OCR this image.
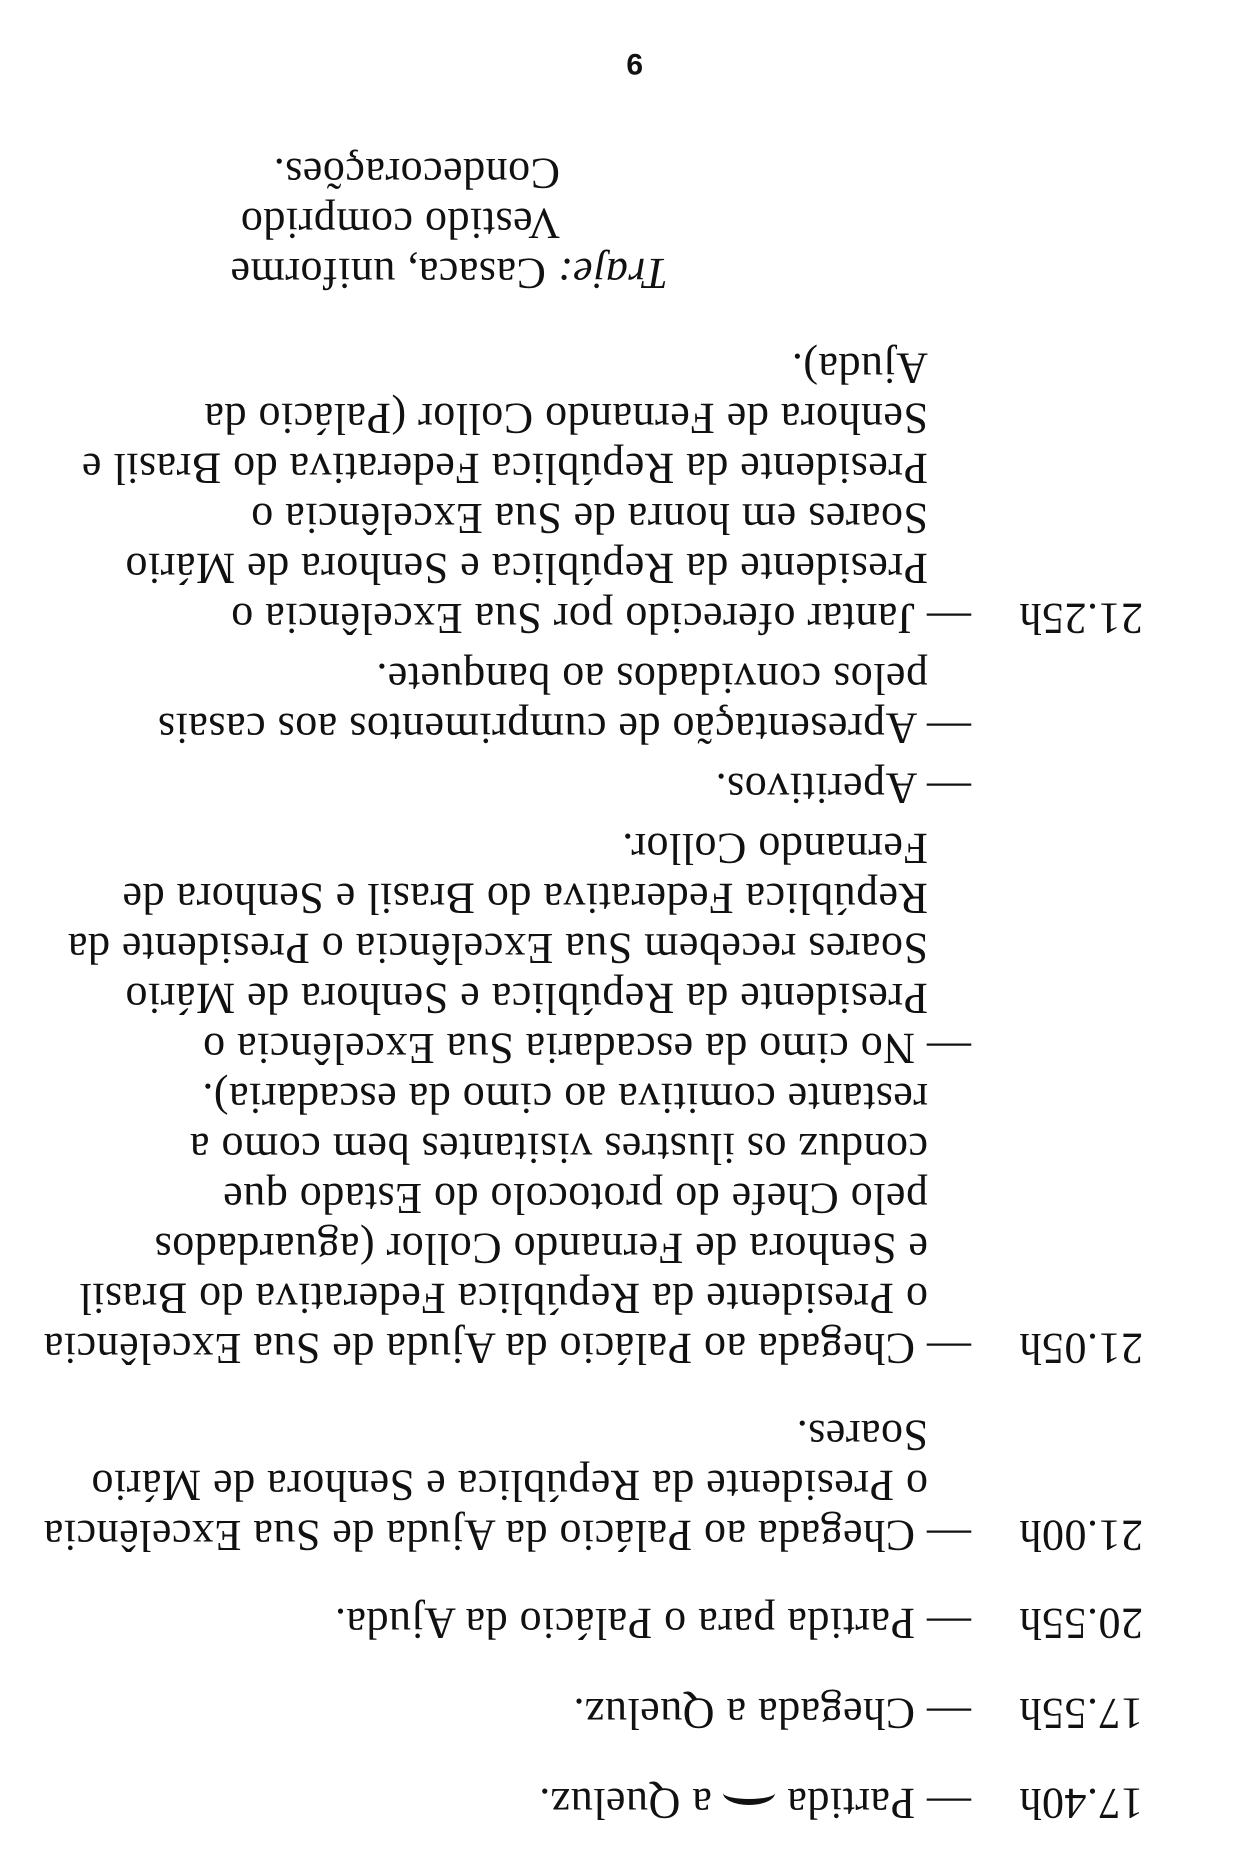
17.40h
— Partida  a Queluz.
17.55h
— Chegada a Queluz.
20.55h
— Partida para o Palácio da Ajuda.
21.00h
— Chegada ao Palácio da Ajuda de Sua Excelência
o Presidente da República e Senhora de Mário
Soares.
21.05h
— Chegada ao Palácio da Ajuda de Sua Excelência
o Presidente da República Federativa do Brasil
e Senhora de Fernando Collor (aguardados
pelo Chefe do protocolo do Estado que
conduz os ilustres visitantes bem como a
restante comitiva ao cimo da escadaria).
— No cimo da escadaria Sua Excelência o
Presidente da República e Senhora de Mário
Soares recebem Sua Excelência o Presidente da
República Federativa do Brasil e Senhora de
Fernando Collor.
— Aperitivos.
— Apresentação de cumprimentos aos casais
pelos convidados ao banquete.
21.25h
— Jantar oferecido por Sua Excelência o
Presidente da República e Senhora de Mário
Soares em honra de Sua Excelência o
Presidente da República Federativa do Brasil e
Senhora de Fernando Collor (Palácio da
Ajuda).
Traje: Casaca, uniforme
Vestido comprido
Condecorações.
9
